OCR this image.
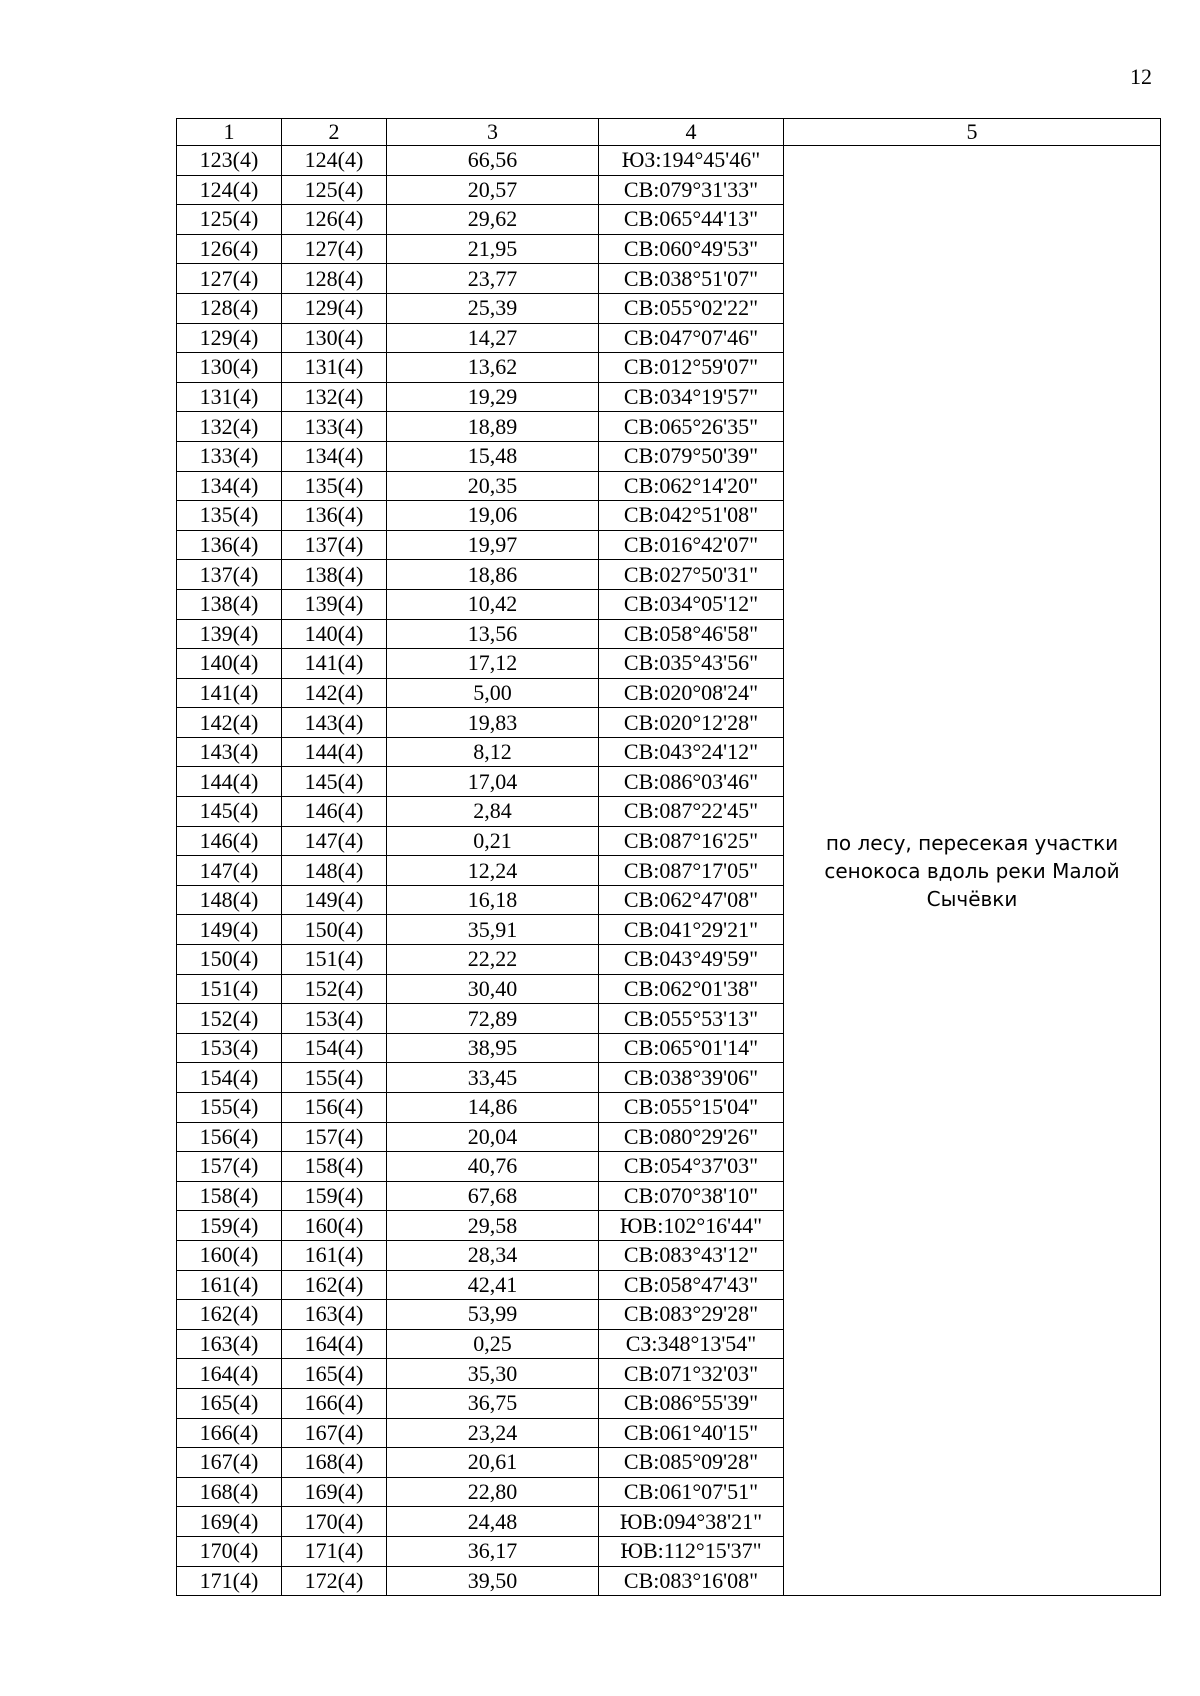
12
1	2	3	4	5
123(4)	124(4)	66,56	ЮЗ:194°45'46"	по лесу, пересекая участки сенокоса вдоль реки Малой Сычёвки
124(4)	125(4)	20,57	СВ:079°31'33"	
125(4)	126(4)	29,62	СВ:065°44'13"	
126(4)	127(4)	21,95	СВ:060°49'53"	
127(4)	128(4)	23,77	СВ:038°51'07"	
128(4)	129(4)	25,39	СВ:055°02'22"	
129(4)	130(4)	14,27	СВ:047°07'46"	
130(4)	131(4)	13,62	СВ:012°59'07"	
131(4)	132(4)	19,29	СВ:034°19'57"	
132(4)	133(4)	18,89	СВ:065°26'35"	
133(4)	134(4)	15,48	СВ:079°50'39"	
134(4)	135(4)	20,35	СВ:062°14'20"	
135(4)	136(4)	19,06	СВ:042°51'08"	
136(4)	137(4)	19,97	СВ:016°42'07"	
137(4)	138(4)	18,86	СВ:027°50'31"	
138(4)	139(4)	10,42	СВ:034°05'12"	
139(4)	140(4)	13,56	СВ:058°46'58"	
140(4)	141(4)	17,12	СВ:035°43'56"	
141(4)	142(4)	5,00	СВ:020°08'24"	
142(4)	143(4)	19,83	СВ:020°12'28"	
143(4)	144(4)	8,12	СВ:043°24'12"	
144(4)	145(4)	17,04	СВ:086°03'46"	
145(4)	146(4)	2,84	СВ:087°22'45"	
146(4)	147(4)	0,21	СВ:087°16'25"	
147(4)	148(4)	12,24	СВ:087°17'05"	
148(4)	149(4)	16,18	СВ:062°47'08"	
149(4)	150(4)	35,91	СВ:041°29'21"	
150(4)	151(4)	22,22	СВ:043°49'59"	
151(4)	152(4)	30,40	СВ:062°01'38"	
152(4)	153(4)	72,89	СВ:055°53'13"	
153(4)	154(4)	38,95	СВ:065°01'14"	
154(4)	155(4)	33,45	СВ:038°39'06"	
155(4)	156(4)	14,86	СВ:055°15'04"	
156(4)	157(4)	20,04	СВ:080°29'26"	
157(4)	158(4)	40,76	СВ:054°37'03"	
158(4)	159(4)	67,68	СВ:070°38'10"	
159(4)	160(4)	29,58	ЮВ:102°16'44"	
160(4)	161(4)	28,34	СВ:083°43'12"	
161(4)	162(4)	42,41	СВ:058°47'43"	
162(4)	163(4)	53,99	СВ:083°29'28"	
163(4)	164(4)	0,25	СЗ:348°13'54"	
164(4)	165(4)	35,30	СВ:071°32'03"	
165(4)	166(4)	36,75	СВ:086°55'39"	
166(4)	167(4)	23,24	СВ:061°40'15"	
167(4)	168(4)	20,61	СВ:085°09'28"	
168(4)	169(4)	22,80	СВ:061°07'51"	
169(4)	170(4)	24,48	ЮВ:094°38'21"	
170(4)	171(4)	36,17	ЮВ:112°15'37"	
171(4)	172(4)	39,50	СВ:083°16'08"	
